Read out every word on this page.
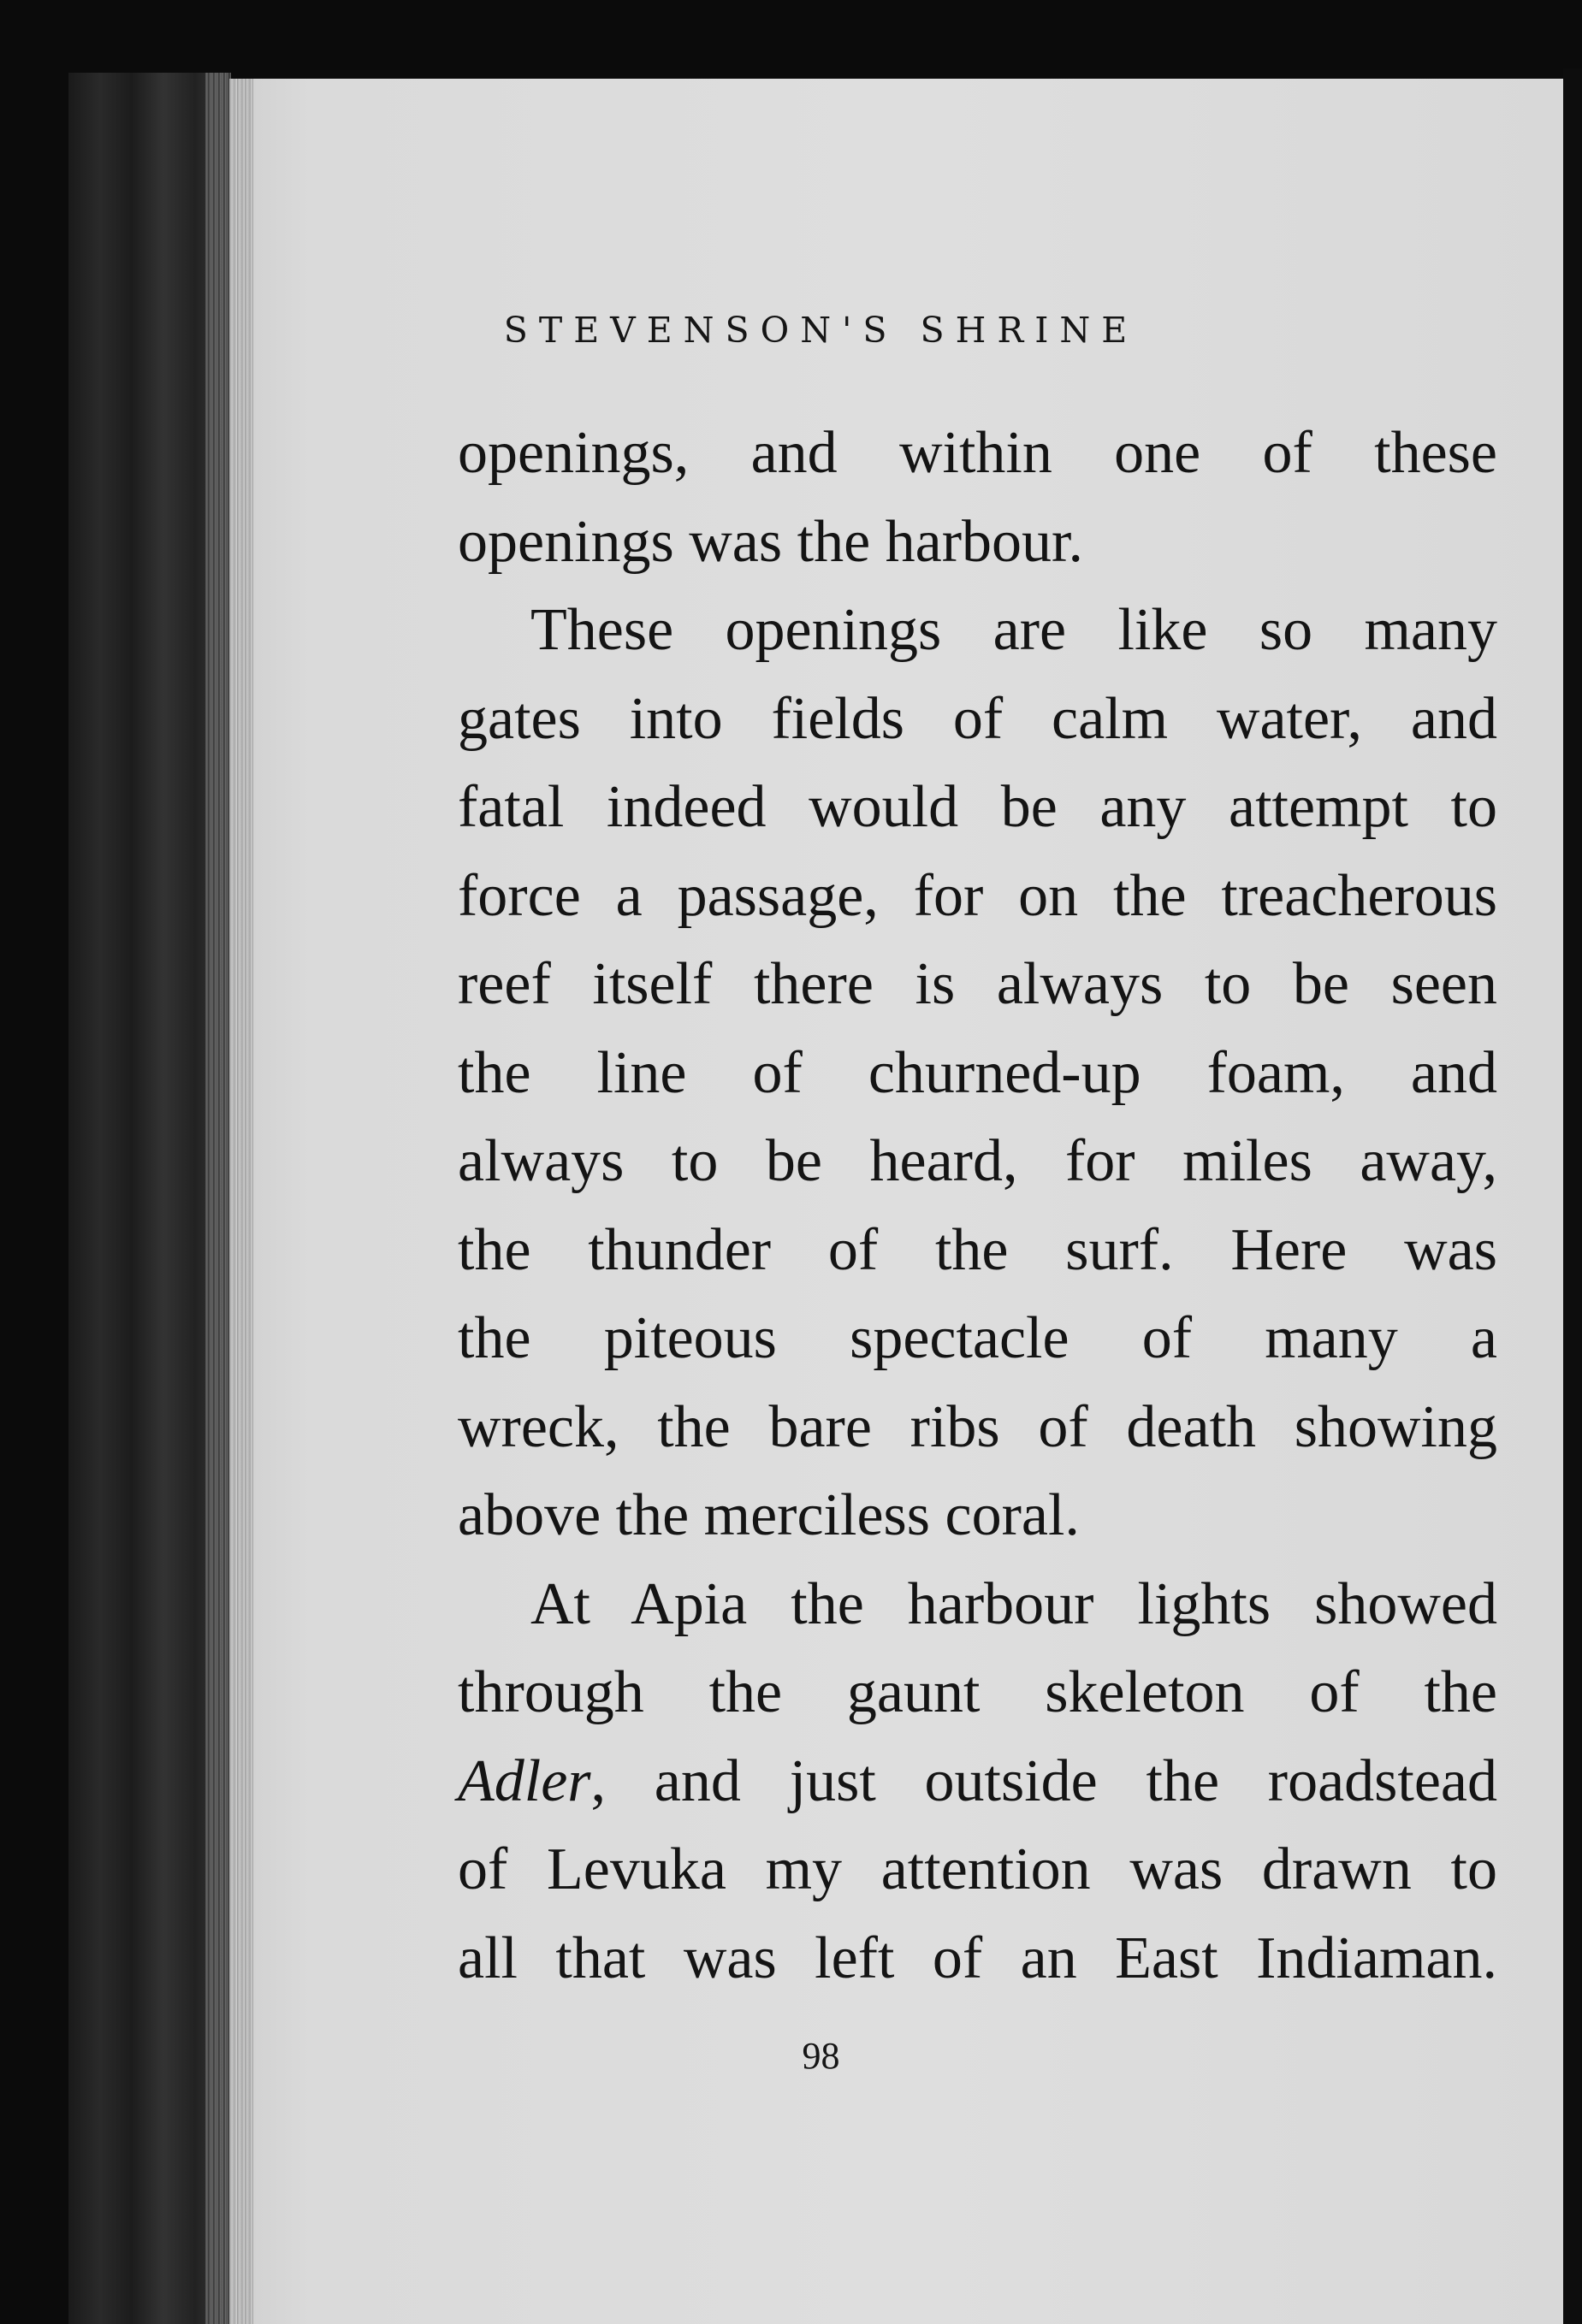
STEVENSON'S SHRINE

openings, and within one of these
openings was the harbour.

These openings are like so many
gates into fields of calm water, and
fatal indeed would be any attempt to
force a passage, for on the treacherous
reef itself there is always to be seen
the line of churned-up foam, and
always to be heard, for miles away,
the thunder of the surf. Here was
the piteous spectacle of many a
wreck, the bare ribs of death showing
above the merciless coral.

At Apia the harbour lights showed
through the gaunt skeleton of the
Adler, and just outside the roadstead
of Levuka my attention was drawn to
all that was left of an East Indiaman.

98
